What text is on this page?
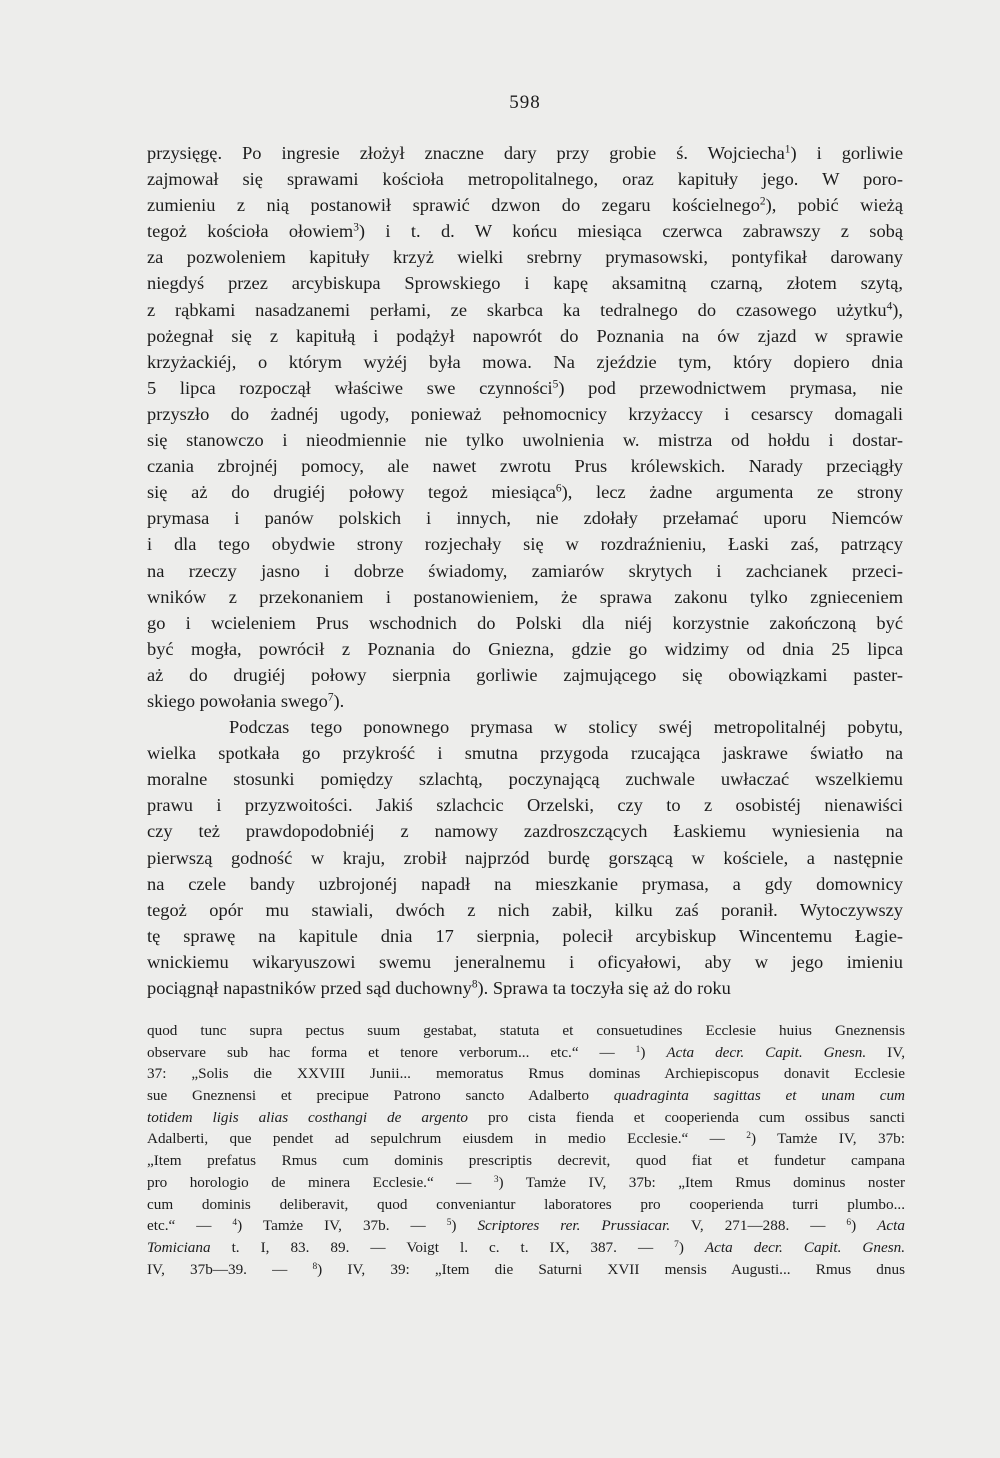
598
przysięgę. Po ingresie złożył znaczne dary przy grobie ś. Wojciecha$^1$) i gorliwie
zajmował się sprawami kościoła metropolitalnego, oraz kapituły jego. W poro-
zumieniu z nią postanowił sprawić dzwon do zegaru kościelnego$^2$), pobić wieżą
tegoż kościoła ołowiem$^3$) i t. d. W końcu miesiąca czerwca zabrawszy z sobą
za pozwoleniem kapituły krzyż wielki srebrny prymasowski, pontyfikał darowany
niegdyś przez arcybiskupa Sprowskiego i kapę aksamitną czarną, złotem szytą,
z rąbkami nasadzanemi perłami, ze skarbca ka tedralnego do czasowego użytku$^4$),
pożegnał się z kapitułą i podążył napowrót do Poznania na ów zjazd w sprawie
krzyżackiéj, o którym wyżéj była mowa. Na zjeździe tym, który dopiero dnia
5 lipca rozpoczął właściwe swe czynności$^5$) pod przewodnictwem prymasa, nie
przyszło do żadnéj ugody, ponieważ pełnomocnicy krzyżaccy i cesarscy domagali
się stanowczo i nieodmiennie nie tylko uwolnienia w. mistrza od hołdu i dostar-
czania zbrojnéj pomocy, ale nawet zwrotu Prus królewskich. Narady przeciągły
się aż do drugiéj połowy tegoż miesiąca$^6$), lecz żadne argumenta ze strony
prymasa i panów polskich i innych, nie zdołały przełamać uporu Niemców
i dla tego obydwie strony rozjechały się w rozdraźnieniu, Łaski zaś, patrzący
na rzeczy jasno i dobrze świadomy, zamiarów skrytych i zachcianek przeci-
wników z przekonaniem i postanowieniem, że sprawa zakonu tylko zgnieceniem
go i wcieleniem Prus wschodnich do Polski dla niéj korzystnie zakończoną być
być mogła, powrócił z Poznania do Gniezna, gdzie go widzimy od dnia 25 lipca
aż do drugiéj połowy sierpnia gorliwie zajmującego się obowiązkami paster-
skiego powołania swego$^7$).
Podczas tego ponownego prymasa w stolicy swéj metropolitalnéj pobytu,
wielka spotkała go przykrość i smutna przygoda rzucająca jaskrawe światło na
moralne stosunki pomiędzy szlachtą, poczynającą zuchwale uwłaczać wszelkiemu
prawu i przyzwoitości. Jakiś szlachcic Orzelski, czy to z osobistéj nienawiści
czy też prawdopodobniéj z namowy zazdroszczących Łaskiemu wyniesienia na
pierwszą godność w kraju, zrobił najprzód burdę gorszącą w kościele, a następnie
na czele bandy uzbrojonéj napadł na mieszkanie prymasa, a gdy domownicy
tegoż opór mu stawiali, dwóch z nich zabił, kilku zaś poranił. Wytoczywszy
tę sprawę na kapitule dnia 17 sierpnia, polecił arcybiskup Wincentemu Łagie-
wnickiemu wikaryuszowi swemu jeneralnemu i oficyałowi, aby w jego imieniu
pociągnął napastników przed sąd duchowny$^8$). Sprawa ta toczyła się aż do roku
quod tunc supra pectus suum gestabat, statuta et consuetudines Ecclesie huius Gneznensis
observare sub hac forma et tenore verborum... etc.“ — $^1$) Acta decr. Capit. Gnesn. IV,
37: „Solis die XXVIII Junii... memoratus Rmus dominas Archiepiscopus donavit Ecclesie
sue Gneznensi et precipue Patrono sancto Adalberto quadraginta sagittas et unam cum
totidem ligis alias costhangi de argento pro cista fienda et cooperienda cum ossibus sancti
Adalberti, que pendet ad sepulchrum eiusdem in medio Ecclesie.“ — $^2$) Tamże IV, 37b:
„Item prefatus Rmus cum dominis prescriptis decrevit, quod fiat et fundetur campana
pro horologio de minera Ecclesie.“ — $^3$) Tamże IV, 37b: „Item Rmus dominus noster
cum dominis deliberavit, quod conveniantur laboratores pro cooperienda turri plumbo...
etc.“ — $^4$) Tamże IV, 37b. — $^5$) Scriptores rer. Prussiacar. V, 271—288. — $^6$) Acta
Tomiciana t. I, 83. 89. — Voigt l. c. t. IX, 387. — $^7$) Acta decr. Capit. Gnesn.
IV, 37b—39. — $^8$) IV, 39: „Item die Saturni XVII mensis Augusti... Rmus dnus
